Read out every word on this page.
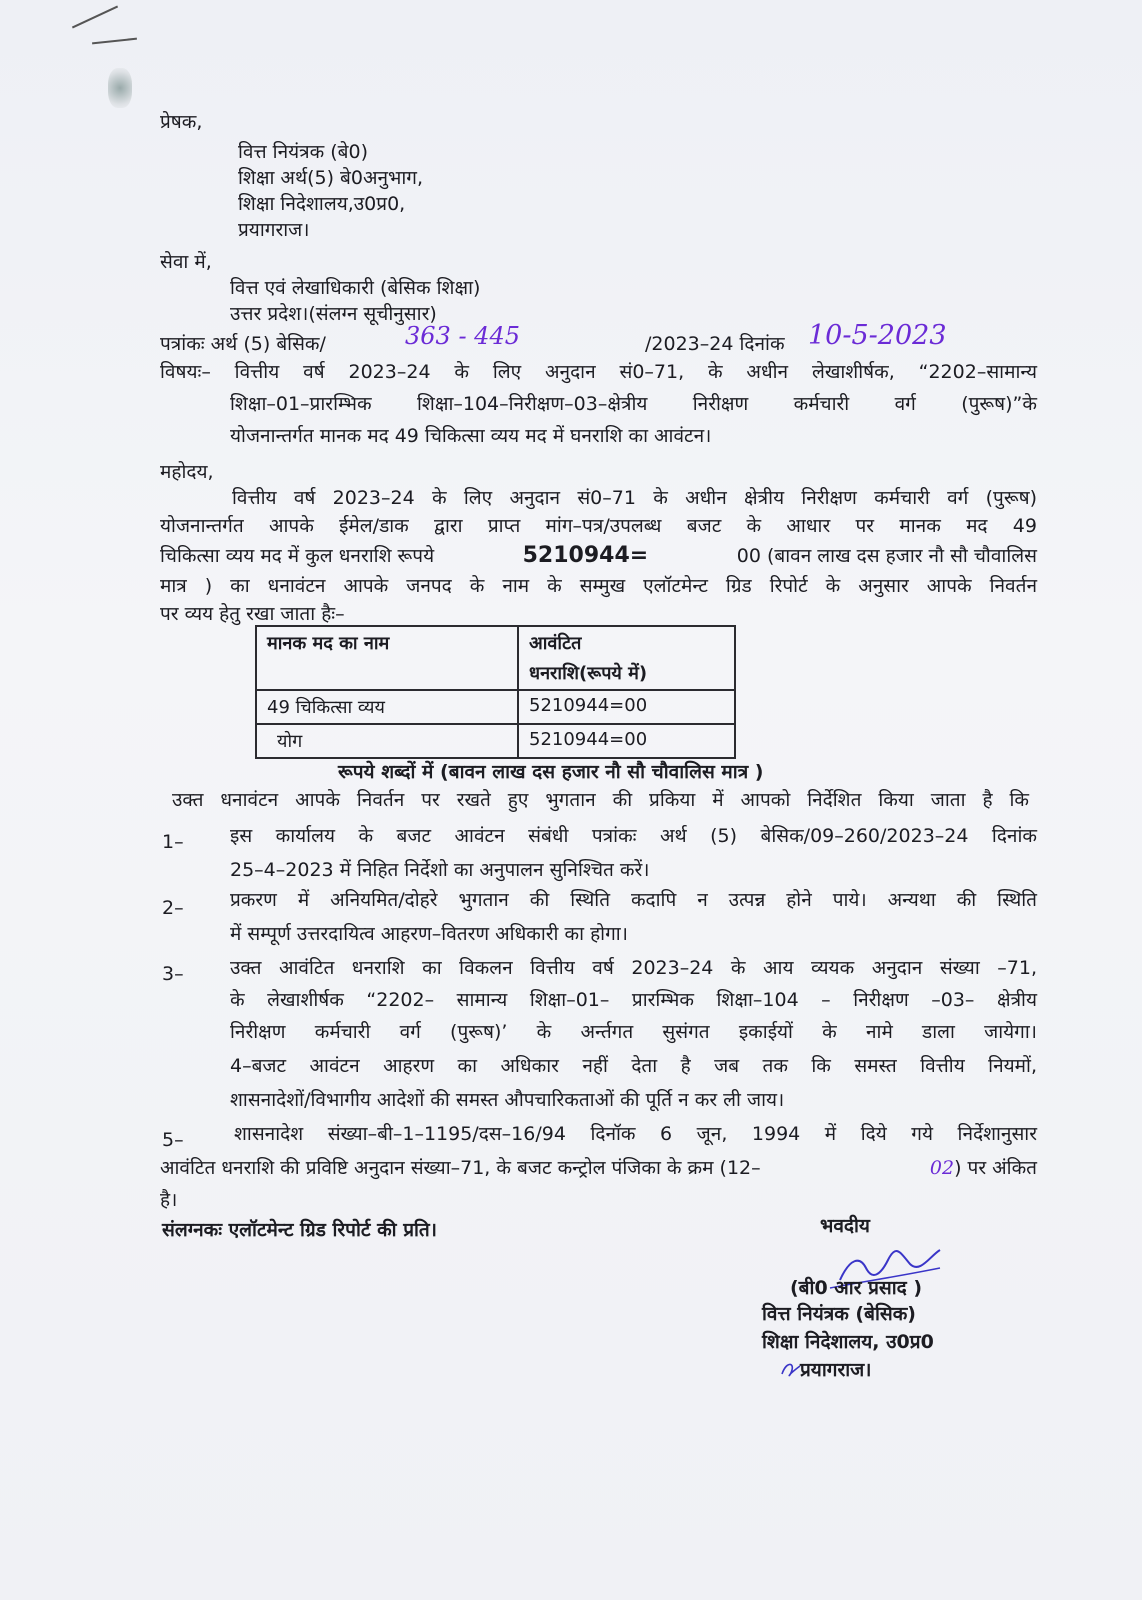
प्रेषक,
वित्त नियंत्रक (बे0)
शिक्षा अर्थ(5) बे0अनुभाग,
शिक्षा निदेशालय,उ0प्र0,
प्रयागराज।
सेवा में,
वित्त एवं लेखाधिकारी (बेसिक शिक्षा)
उत्तर प्रदेश।(संलग्न सूचीनुसार)
पत्रांकः अर्थ (5) बेसिक/	363 - 445	/2023–24 दिनांक 10-5-2023
विषयः– वित्तीय वर्ष 2023–24 के लिए अनुदान सं0–71, के अधीन लेखाशीर्षक, “2202–सामान्य
शिक्षा–01–प्रारम्भिक शिक्षा–104–निरीक्षण–03–क्षेत्रीय निरीक्षण कर्मचारी वर्ग (पुरूष)”के
योजनान्तर्गत मानक मद 49 चिकित्सा व्यय मद में घनराशि का आवंटन।
महोदय,
वित्तीय वर्ष 2023–24 के लिए अनुदान सं0–71 के अधीन क्षेत्रीय निरीक्षण कर्मचारी वर्ग (पुरूष)
योजनान्तर्गत आपके ईमेल/डाक द्वारा प्राप्त मांग–पत्र/उपलब्ध बजट के आधार पर मानक मद 49
चिकित्सा व्यय मद में कुल धनराशि रूपये	5210944=	00 (बावन लाख दस हजार नौ सौ चौवालिस
मात्र ) का धनावंटन आपके जनपद के नाम के सम्मुख एलॉटमेन्ट ग्रिड रिपोर्ट के अनुसार आपके निवर्तन
पर व्यय हेतु रखा जाता हैः–
मानक मद का नाम	आवंटित
धनराशि(रूपये में)

49 चिकित्सा व्यय	5210944=00
योग	5210944=00
रूपये शब्दों में (बावन लाख दस हजार नौ सौ चौवालिस मात्र )
उक्त धनावंटन आपके निवर्तन पर रखते हुए भुगतान की प्रकिया में आपको निर्देशित किया जाता है कि
1– इस कार्यालय के बजट आवंटन संबंधी पत्रांकः अर्थ (5) बेसिक/09–260/2023–24 दिनांक
25–4–2023 में निहित निर्देशो का अनुपालन सुनिश्चित करें।
2– प्रकरण में अनियमित/दोहरे भुगतान की स्थिति कदापि न उत्पन्न होने पाये। अन्यथा की स्थिति
में सम्पूर्ण उत्तरदायित्व आहरण–वितरण अधिकारी का होगा।
3– उक्त आवंटित धनराशि का विकलन वित्तीय वर्ष 2023–24 के आय व्ययक अनुदान संख्या –71,
के लेखाशीर्षक “2202– सामान्य शिक्षा–01– प्रारम्भिक शिक्षा–104 – निरीक्षण –03– क्षेत्रीय
निरीक्षण कर्मचारी वर्ग (पुरूष)’ के अर्न्तगत सुसंगत इकाईयों के नामे डाला जायेगा।
4–बजट आवंटन आहरण का अधिकार नहीं देता है जब तक कि समस्त वित्तीय नियमों,
शासनादेशों/विभागीय आदेशों की समस्त औपचारिकताओं की पूर्ति न कर ली जाय।
5–	शासनादेश संख्या–बी–1–1195/दस–16/94 दिनॉक 6 जून, 1994 में दिये गये निर्देशानुसार
आवंटित धनराशि की प्रविष्टि अनुदान संख्या–71, के बजट कन्ट्रोल पंजिका के क्रम (12–	02) पर अंकित
है।
संलग्नकः एलॉटमेन्ट ग्रिड रिपोर्ट की प्रति।	भवदीय
(बी0 आर प्रसाद )
वित्त नियंत्रक (बेसिक)
शिक्षा निदेशालय, उ0प्र0
प्रयागराज।
